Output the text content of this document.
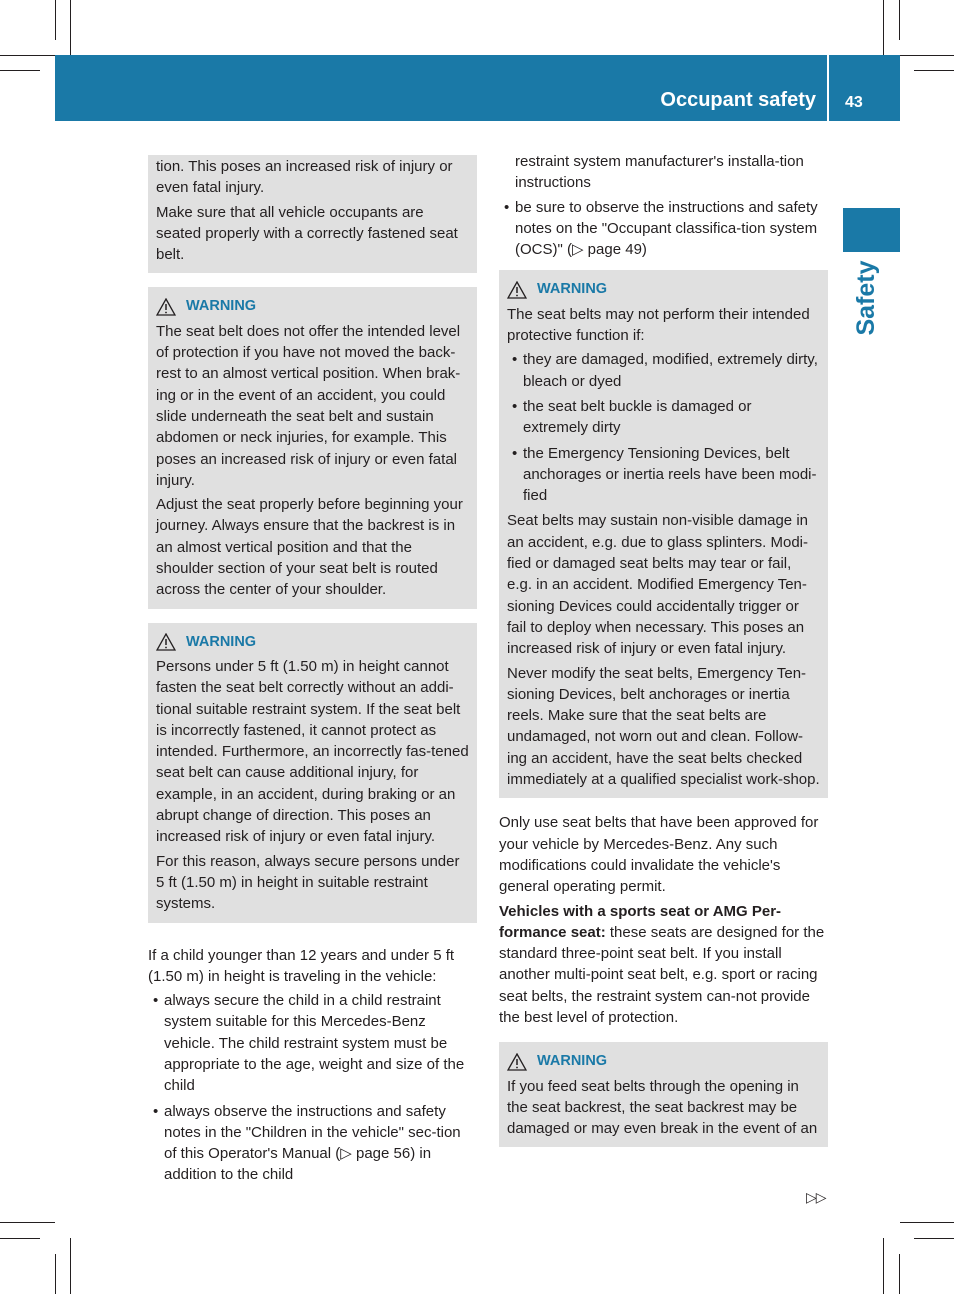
Occupant safety 43
Safety

tion. This poses an increased risk of injury or even fatal injury.

Make sure that all vehicle occupants are seated properly with a correctly fastened seat belt.

WARNING

The seat belt does not offer the intended level of protection if you have not moved the back-rest to an almost vertical position. When brak-ing or in the event of an accident, you could slide underneath the seat belt and sustain abdomen or neck injuries, for example. This poses an increased risk of injury or even fatal injury.

Adjust the seat properly before beginning your journey. Always ensure that the backrest is in an almost vertical position and that the shoulder section of your seat belt is routed across the center of your shoulder.

WARNING

Persons under 5 ft (1.50 m) in height cannot fasten the seat belt correctly without an addi-tional suitable restraint system. If the seat belt is incorrectly fastened, it cannot protect as intended. Furthermore, an incorrectly fas-tened seat belt can cause additional injury, for example, in an accident, during braking or an abrupt change of direction. This poses an increased risk of injury or even fatal injury.

For this reason, always secure persons under 5 ft (1.50 m) in height in suitable restraint systems.

If a child younger than 12 years and under 5 ft (1.50 m) in height is traveling in the vehicle:

• always secure the child in a child restraint system suitable for this Mercedes-Benz vehicle. The child restraint system must be appropriate to the age, weight and size of the child
• always observe the instructions and safety notes in the "Children in the vehicle" sec-tion of this Operator's Manual (▷ page 56) in addition to the child

restraint system manufacturer's installa-tion instructions

• be sure to observe the instructions and safety notes on the "Occupant classifica-tion system (OCS)" (▷ page 49)
WARNING

The seat belts may not perform their intended protective function if:

• they are damaged, modified, extremely dirty, bleach or dyed
• the seat belt buckle is damaged or extremely dirty
• the Emergency Tensioning Devices, belt anchorages or inertia reels have been modi-fied

Seat belts may sustain non-visible damage in an accident, e.g. due to glass splinters. Modi-fied or damaged seat belts may tear or fail, e.g. in an accident. Modified Emergency Ten-sioning Devices could accidentally trigger or fail to deploy when necessary. This poses an increased risk of injury or even fatal injury.

Never modify the seat belts, Emergency Ten-sioning Devices, belt anchorages or inertia reels. Make sure that the seat belts are undamaged, not worn out and clean. Follow-ing an accident, have the seat belts checked immediately at a qualified specialist work-shop.

Only use seat belts that have been approved for your vehicle by Mercedes-Benz. Any such modifications could invalidate the vehicle's general operating permit.

Vehicles with a sports seat or AMG Per-formance seat: these seats are designed for the standard three-point seat belt. If you install another multi-point seat belt, e.g. sport or racing seat belts, the restraint system can-not provide the best level of protection.

WARNING

If you feed seat belts through the opening in the seat backrest, the seat backrest may be damaged or may even break in the event of an

▷▷
